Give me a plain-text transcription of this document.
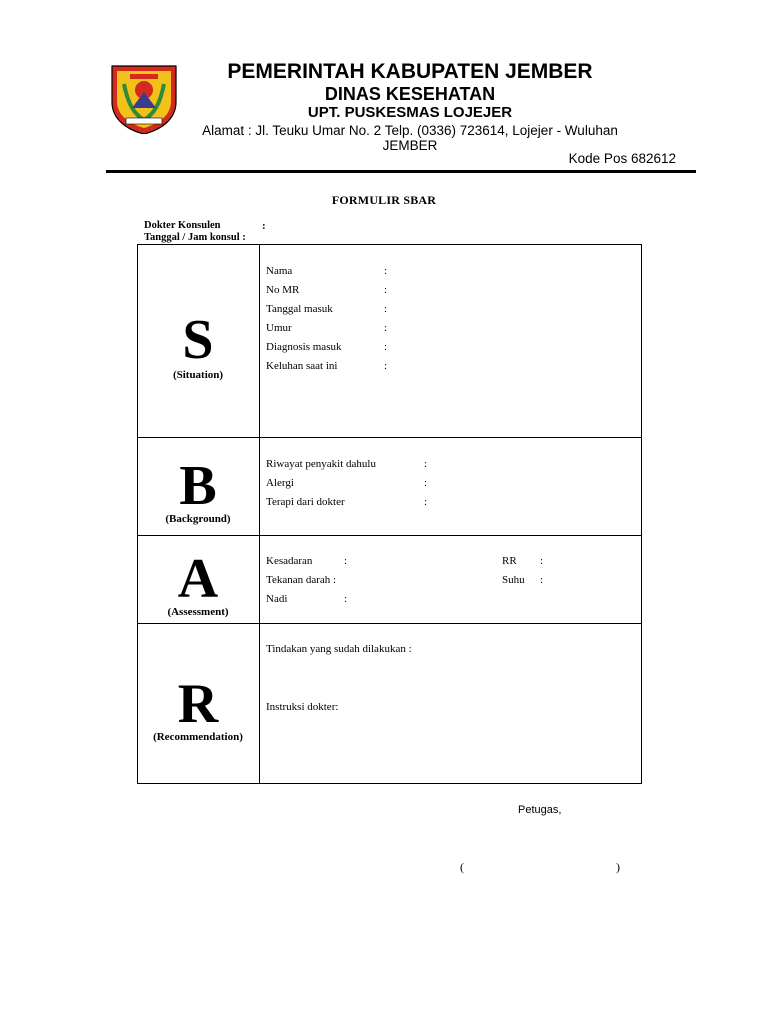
PEMERINTAH KABUPATEN JEMBER
DINAS KESEHATAN
UPT. PUSKESMAS LOJEJER
Alamat : Jl. Teuku Umar No. 2 Telp. (0336) 723614, Lojejer - Wuluhan
JEMBER
Kode Pos 682612
FORMULIR SBAR
Dokter Konsulen	:
Tanggal / Jam konsul :
S
(Situation)
Nama
No MR
Tanggal masuk
Umur
Diagnosis masuk
Keluhan saat ini
:
:
:
:
:
:
B
(Background)
Riwayat penyakit dahulu
Alergi
Terapi dari dokter
:
:
:
A
(Assessment)
Kesadaran
Tekanan darah :
Nadi
:
:
RR
Suhu
:
:
R
(Recommendation)
Tindakan yang sudah dilakukan :
Instruksi dokter:
Petugas,
(	)
